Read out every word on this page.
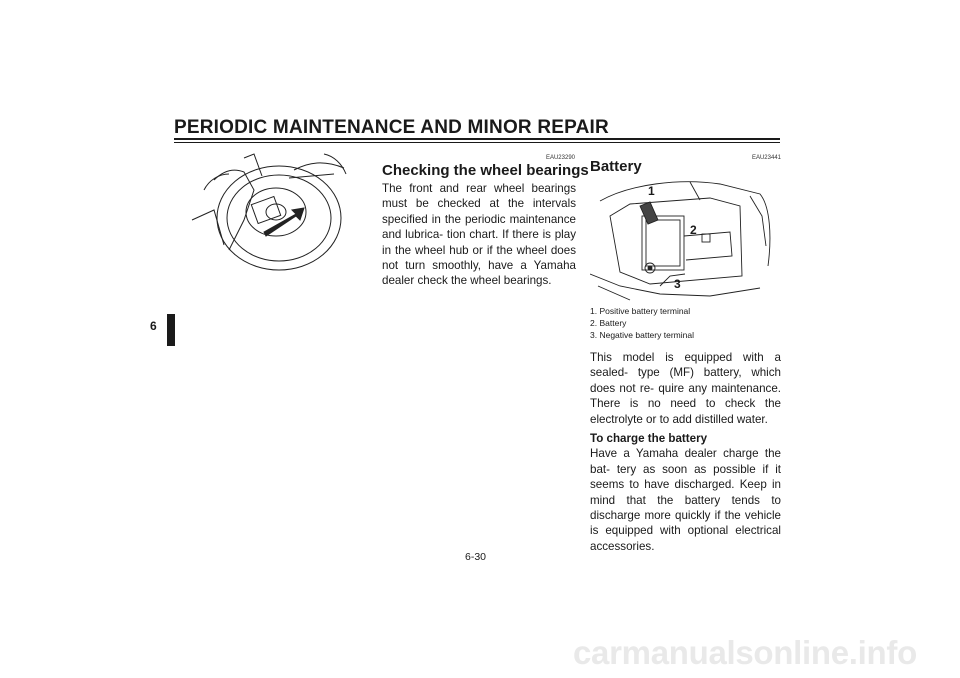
PERIODIC MAINTENANCE AND MINOR REPAIR
6
EAU23290
Checking the wheel bearings

The front and rear wheel bearings must be checked at the intervals specified in the periodic maintenance and lubrica- tion chart. If there is play in the wheel hub or if the wheel does not turn smoothly, have a Yamaha dealer check the wheel bearings.

EAU23441
Battery
1
2
3
1. Positive battery terminal
2. Battery
3. Negative battery terminal

This model is equipped with a sealed- type (MF) battery, which does not re- quire any maintenance. There is no need to check the electrolyte or to add distilled water.

To charge the battery
Have a Yamaha dealer charge the bat- tery as soon as possible if it seems to have discharged. Keep in mind that the battery tends to discharge more quickly if the vehicle is equipped with optional electrical accessories.
6-30
carmanualsonline.info
